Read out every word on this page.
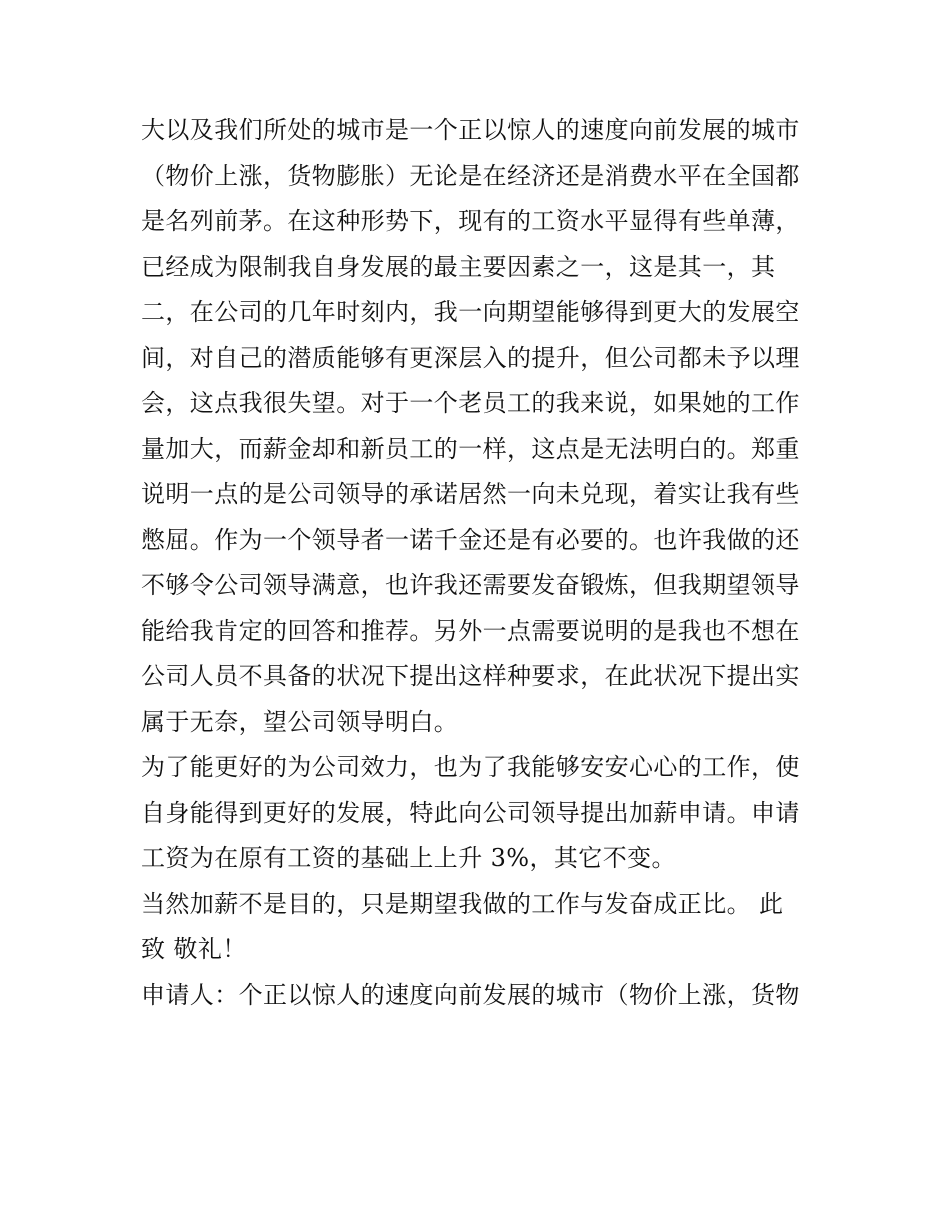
大以及我们所处的城市是一个正以惊人的速度向前发展的城市
（物价上涨，货物膨胀）无论是在经济还是消费水平在全国都
是名列前茅。在这种形势下，现有的工资水平显得有些单薄，
已经成为限制我自身发展的最主要因素之一，这是其一，其
二，在公司的几年时刻内，我一向期望能够得到更大的发展空
间，对自己的潜质能够有更深层入的提升，但公司都未予以理
会，这点我很失望。对于一个老员工的我来说，如果她的工作
量加大，而薪金却和新员工的一样，这点是无法明白的。郑重
说明一点的是公司领导的承诺居然一向未兑现，着实让我有些
憋屈。作为一个领导者一诺千金还是有必要的。也许我做的还
不够令公司领导满意，也许我还需要发奋锻炼，但我期望领导
能给我肯定的回答和推荐。另外一点需要说明的是我也不想在
公司人员不具备的状况下提出这样种要求，在此状况下提出实
属于无奈，望公司领导明白。
为了能更好的为公司效力，也为了我能够安安心心的工作，使
自身能得到更好的发展，特此向公司领导提出加薪申请。申请
工资为在原有工资的基础上上升 3%，其它不变。
当然加薪不是目的，只是期望我做的工作与发奋成正比。 此
致 敬礼！
申请人：个正以惊人的速度向前发展的城市（物价上涨，货物
